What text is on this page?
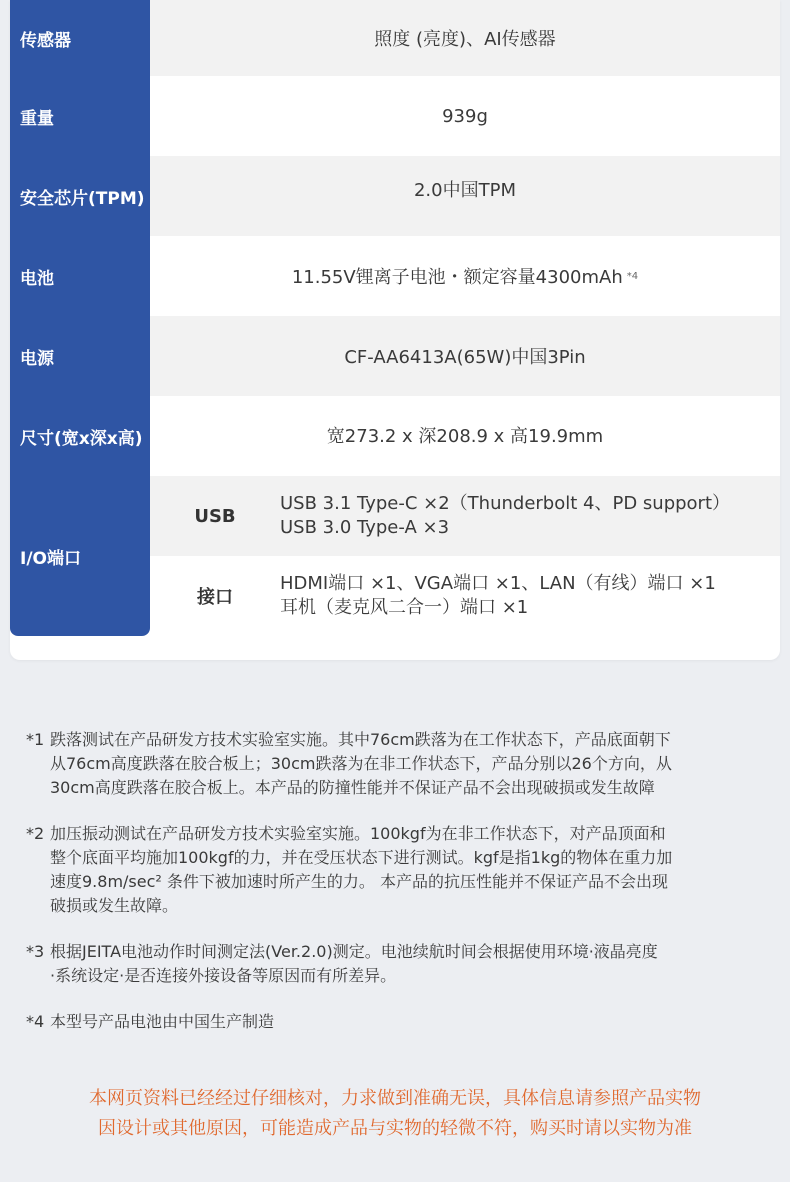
照度 (亮度)、AI传感器
传感器
939g
重量
2.0中国TPM
安全芯片(TPM)
11.55V锂离子电池・额定容量4300mAh *4
电池
CF-AA6413A(65W)中国3Pin
电源
宽273.2 x 深208.9 x 高19.9mm
尺寸(宽x深x高)
USB
USB 3.1 Type-C ×2（Thunderbolt 4、PD support）
USB 3.0 Type-A ×3
接口
HDMI端口 ×1、VGA端口 ×1、LAN（有线）端口 ×1
耳机（麦克风二合一）端口 ×1
I/O端口
*1 跌落测试在产品研发方技术实验室实施。其中76cm跌落为在工作状态下，产品底面朝下
从76cm高度跌落在胶合板上；30cm跌落为在非工作状态下，产品分别以26个方向，从
30cm高度跌落在胶合板上。本产品的防撞性能并不保证产品不会出现破损或发生故障
*2 加压振动测试在产品研发方技术实验室实施。100kgf为在非工作状态下，对产品顶面和
整个底面平均施加100kgf的力，并在受压状态下进行测试。kgf是指1kg的物体在重力加
速度9.8m/sec² 条件下被加速时所产生的力。 本产品的抗压性能并不保证产品不会出现
破损或发生故障。
*3 根据JEITA电池动作时间测定法(Ver.2.0)测定。电池续航时间会根据使用环境·液晶亮度
·系统设定·是否连接外接设备等原因而有所差异。
*4 本型号产品电池由中国生产制造
本网页资料已经经过仔细核对，力求做到准确无误，具体信息请参照产品实物
因设计或其他原因，可能造成产品与实物的轻微不符，购买时请以实物为准
